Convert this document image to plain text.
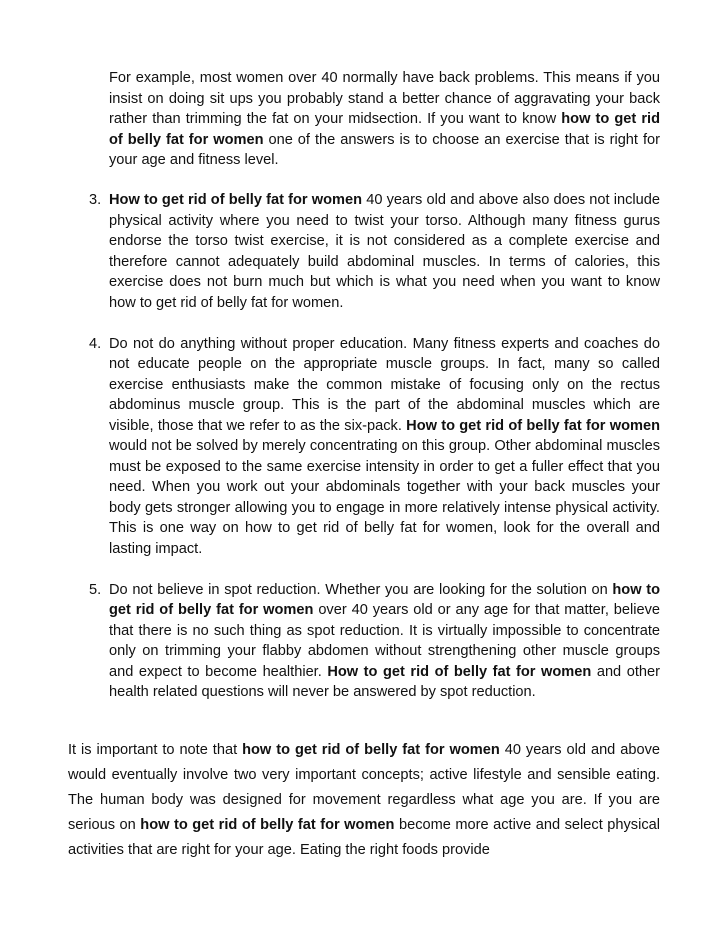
For example, most women over 40 normally have back problems. This means if you insist on doing sit ups you probably stand a better chance of aggravating your back rather than trimming the fat on your midsection. If you want to know how to get rid of belly fat for women one of the answers is to choose an exercise that is right for your age and fitness level.
3. How to get rid of belly fat for women 40 years old and above also does not include physical activity where you need to twist your torso. Although many fitness gurus endorse the torso twist exercise, it is not considered as a complete exercise and therefore cannot adequately build abdominal muscles. In terms of calories, this exercise does not burn much but which is what you need when you want to know how to get rid of belly fat for women.
4. Do not do anything without proper education. Many fitness experts and coaches do not educate people on the appropriate muscle groups. In fact, many so called exercise enthusiasts make the common mistake of focusing only on the rectus abdominus muscle group. This is the part of the abdominal muscles which are visible, those that we refer to as the six-pack. How to get rid of belly fat for women would not be solved by merely concentrating on this group. Other abdominal muscles must be exposed to the same exercise intensity in order to get a fuller effect that you need. When you work out your abdominals together with your back muscles your body gets stronger allowing you to engage in more relatively intense physical activity. This is one way on how to get rid of belly fat for women, look for the overall and lasting impact.
5. Do not believe in spot reduction. Whether you are looking for the solution on how to get rid of belly fat for women over 40 years old or any age for that matter, believe that there is no such thing as spot reduction. It is virtually impossible to concentrate only on trimming your flabby abdomen without strengthening other muscle groups and expect to become healthier. How to get rid of belly fat for women and other health related questions will never be answered by spot reduction.
It is important to note that how to get rid of belly fat for women 40 years old and above would eventually involve two very important concepts; active lifestyle and sensible eating. The human body was designed for movement regardless what age you are. If you are serious on how to get rid of belly fat for women become more active and select physical activities that are right for your age. Eating the right foods provide
